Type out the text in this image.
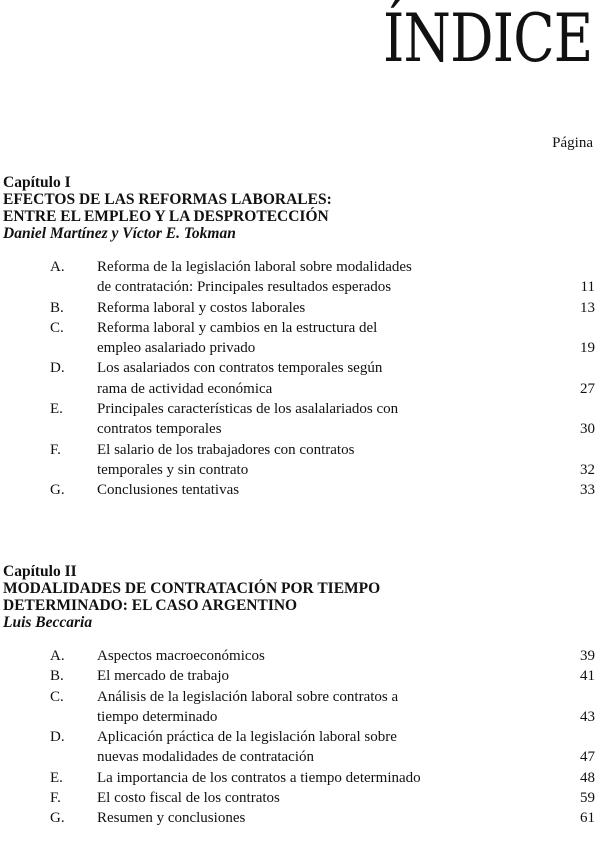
ÍNDICE
Página
Capítulo I
EFECTOS DE LAS REFORMAS LABORALES:
ENTRE EL EMPLEO Y LA DESPROTECCIÓN
Daniel Martínez y Víctor E. Tokman
A. Reforma de la legislación laboral sobre modalidades
de contratación: Principales resultados esperados	11
B. Reforma laboral y costos laborales	13
C. Reforma laboral y cambios en la estructura del
empleo asalariado privado	19
D. Los asalariados con contratos temporales según
rama de actividad económica	27
E. Principales características de los asalalariados con
contratos temporales	30
F. El salario de los trabajadores con contratos
temporales y sin contrato	32
G. Conclusiones tentativas	33
Capítulo II
MODALIDADES DE CONTRATACIÓN POR TIEMPO
DETERMINADO: EL CASO ARGENTINO
Luis Beccaria
A. Aspectos macroeconómicos	39
B. El mercado de trabajo	41
C. Análisis de la legislación laboral sobre contratos a
tiempo determinado	43
D. Aplicación práctica de la legislación laboral sobre
nuevas modalidades de contratación	47
E. La importancia de los contratos a tiempo determinado	48
F. El costo fiscal de los contratos	59
G. Resumen y conclusiones	61
